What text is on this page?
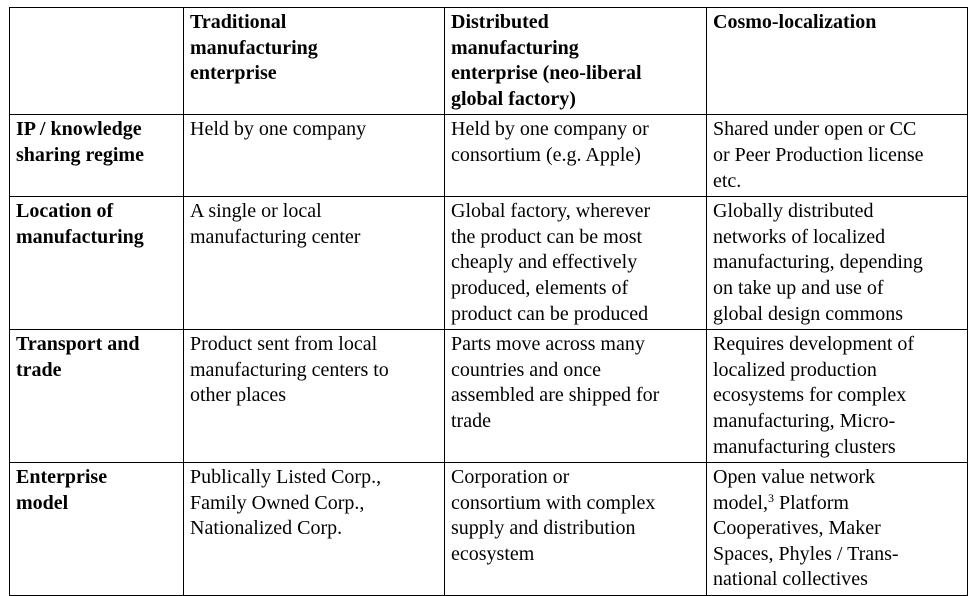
	Traditional
manufacturing
enterprise	Distributed
manufacturing
enterprise (neo-liberal
global factory)	Cosmo-localization

IP / knowledge
sharing regime	Held by one company	Held by one company or
consortium (e.g. Apple)	Shared under open or CC
or Peer Production license
etc.

Location of
manufacturing	A single or local
manufacturing center	Global factory, wherever
the product can be most
cheaply and effectively
produced, elements of
product can be produced	Globally distributed
networks of localized
manufacturing, depending
on take up and use of
global design commons

Transport and
trade	Product sent from local
manufacturing centers to
other places	Parts move across many
countries and once
assembled are shipped for
trade	Requires development of
localized production
ecosystems for complex
manufacturing, Micro-
manufacturing clusters

Enterprise
model	Publically Listed Corp.,
Family Owned Corp.,
Nationalized Corp.	Corporation or
consortium with complex
supply and distribution
ecosystem	Open value network
model,$^3$ Platform
Cooperatives, Maker
Spaces, Phyles / Trans-
national collectives
